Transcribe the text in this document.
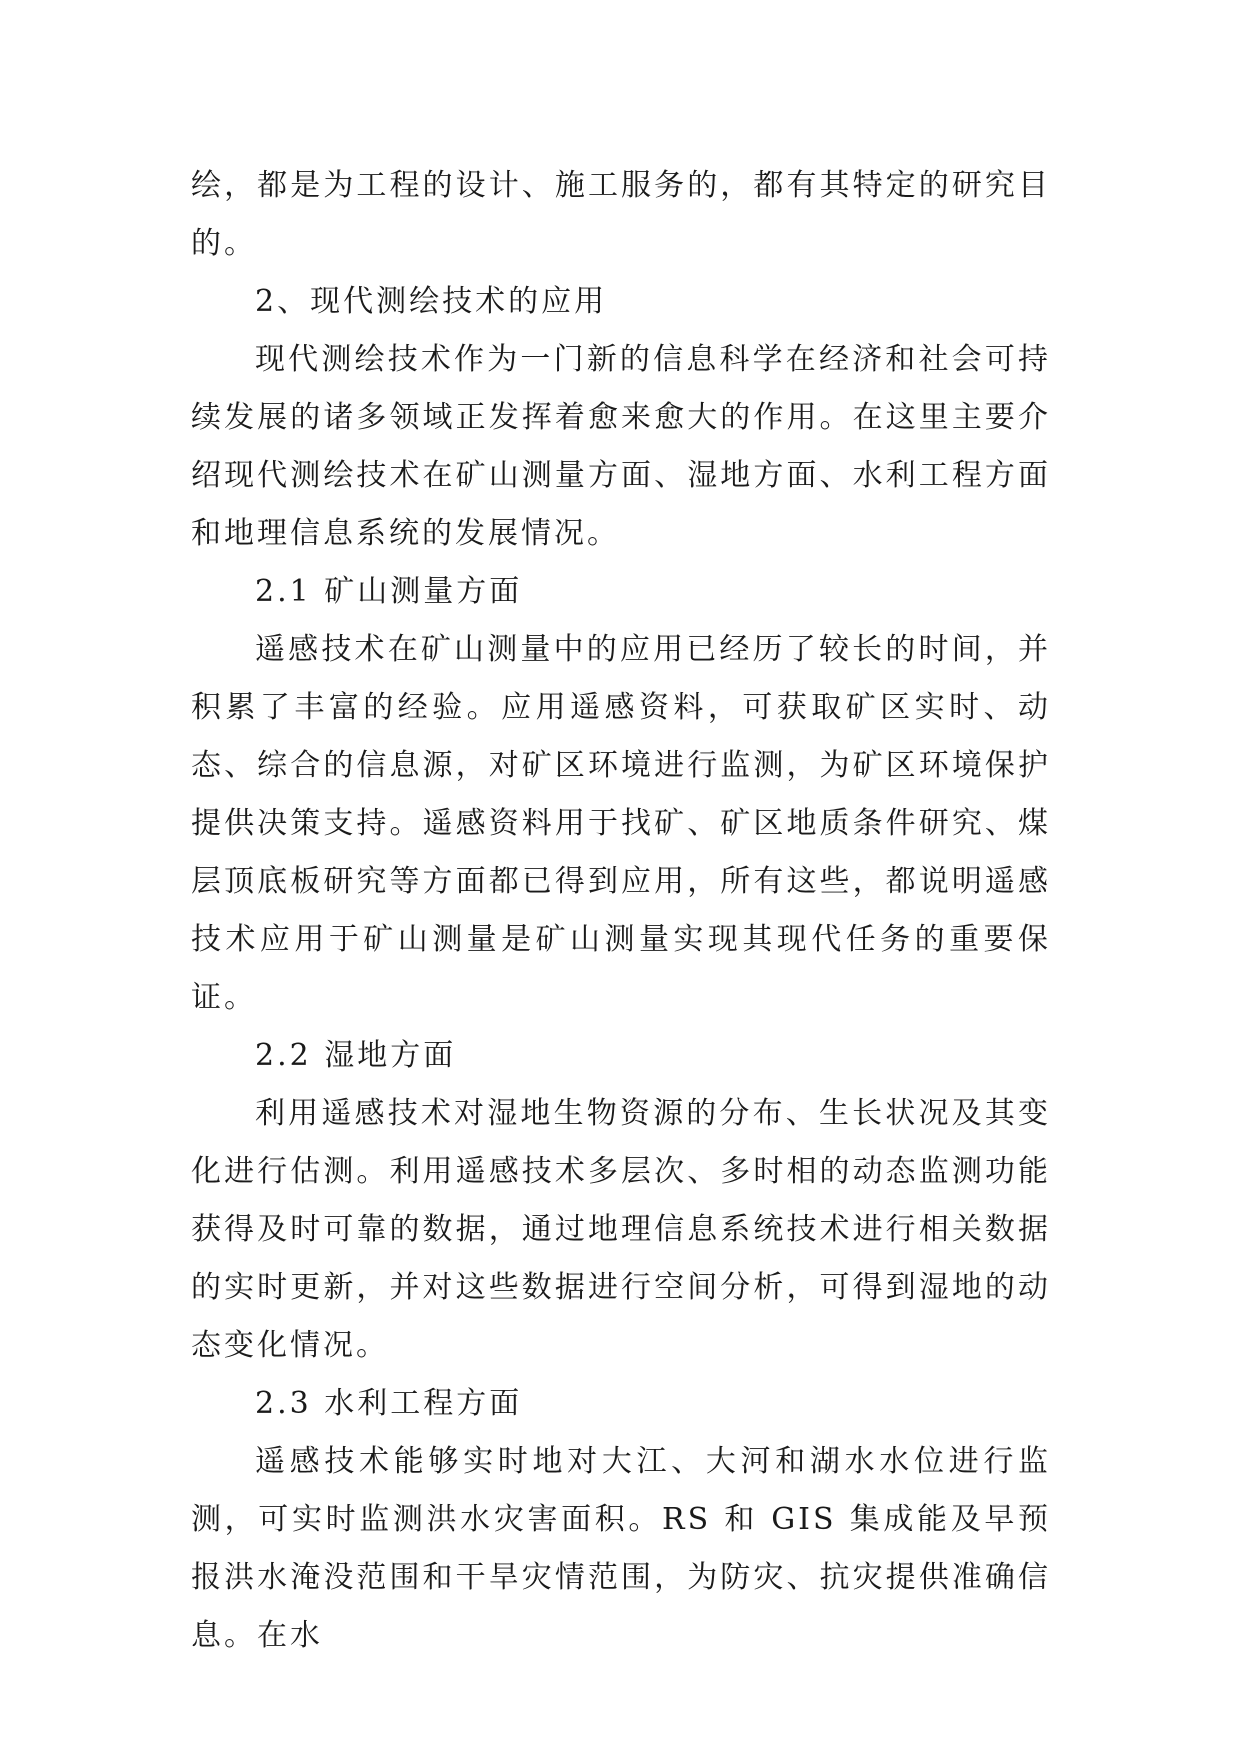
绘，都是为工程的设计、施工服务的，都有其特定的研究目的。

2、现代测绘技术的应用

现代测绘技术作为一门新的信息科学在经济和社会可持续发展的诸多领域正发挥着愈来愈大的作用。在这里主要介绍现代测绘技术在矿山测量方面、湿地方面、水利工程方面和地理信息系统的发展情况。

2.1 矿山测量方面

遥感技术在矿山测量中的应用已经历了较长的时间，并积累了丰富的经验。应用遥感资料，可获取矿区实时、动态、综合的信息源，对矿区环境进行监测，为矿区环境保护提供决策支持。遥感资料用于找矿、矿区地质条件研究、煤层顶底板研究等方面都已得到应用，所有这些，都说明遥感技术应用于矿山测量是矿山测量实现其现代任务的重要保证。

2.2 湿地方面

利用遥感技术对湿地生物资源的分布、生长状况及其变化进行估测。利用遥感技术多层次、多时相的动态监测功能获得及时可靠的数据，通过地理信息系统技术进行相关数据的实时更新，并对这些数据进行空间分析，可得到湿地的动态变化情况。

2.3 水利工程方面

遥感技术能够实时地对大江、大河和湖水水位进行监测，可实时监测洪水灾害面积。RS 和 GIS 集成能及早预报洪水淹没范围和干旱灾情范围，为防灾、抗灾提供准确信息。在水
